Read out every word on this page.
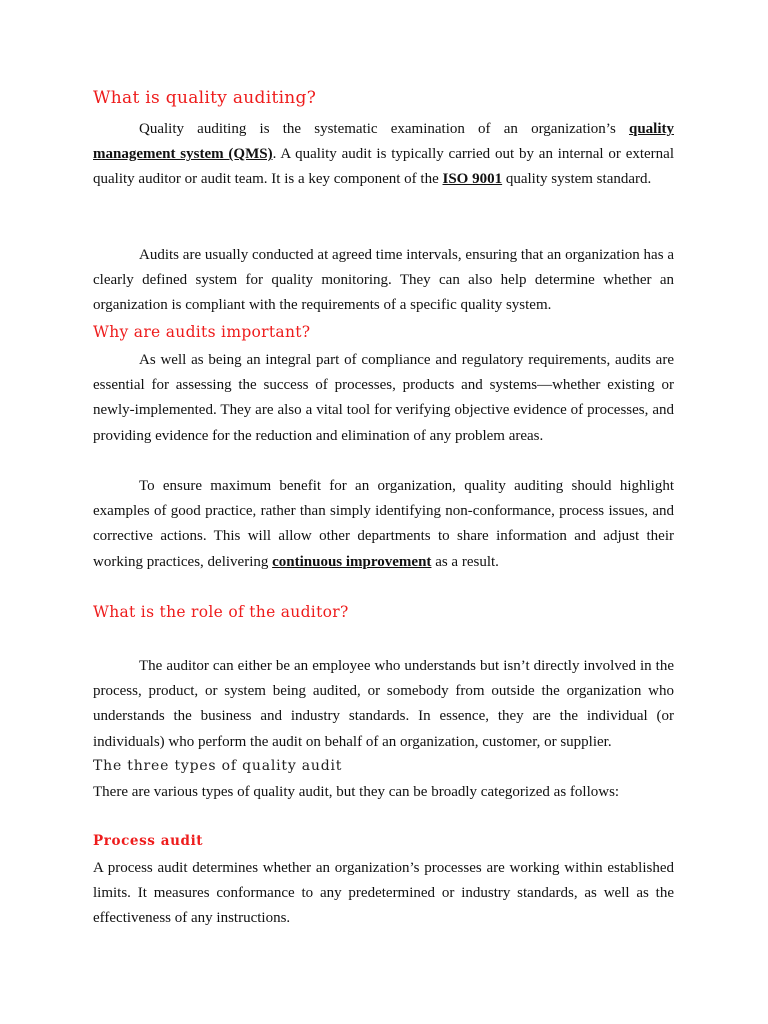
What is quality auditing?

Quality auditing is the systematic examination of an organization’s quality management system (QMS). A quality audit is typically carried out by an internal or external quality auditor or audit team. It is a key component of the ISO 9001 quality system standard.

Audits are usually conducted at agreed time intervals, ensuring that an organization has a clearly defined system for quality monitoring. They can also help determine whether an organization is compliant with the requirements of a specific quality system.

Why are audits important?

As well as being an integral part of compliance and regulatory requirements, audits are essential for assessing the success of processes, products and systems—whether existing or newly-implemented. They are also a vital tool for verifying objective evidence of processes, and providing evidence for the reduction and elimination of any problem areas.

To ensure maximum benefit for an organization, quality auditing should highlight examples of good practice, rather than simply identifying non-conformance, process issues, and corrective actions. This will allow other departments to share information and adjust their working practices, delivering continuous improvement as a result.

What is the role of the auditor?

The auditor can either be an employee who understands but isn’t directly involved in the process, product, or system being audited, or somebody from outside the organization who understands the business and industry standards. In essence, they are the individual (or individuals) who perform the audit on behalf of an organization, customer, or supplier.

The three types of quality audit

There are various types of quality audit, but they can be broadly categorized as follows:

Process audit

A process audit determines whether an organization’s processes are working within established limits. It measures conformance to any predetermined or industry standards, as well as the effectiveness of any instructions.
